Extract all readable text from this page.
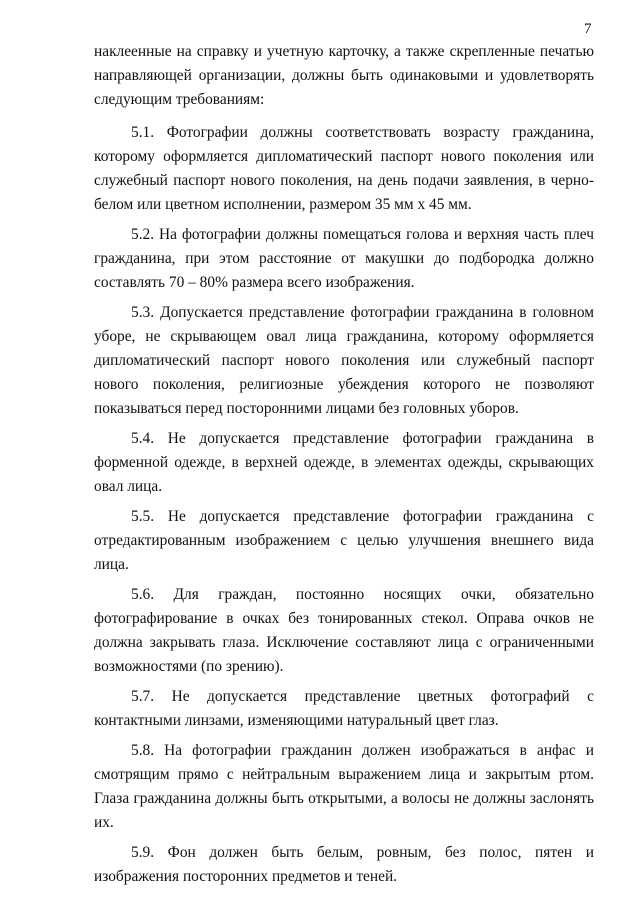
7

наклеенные на справку и учетную карточку, а также скрепленные печатью направляющей организации, должны быть одинаковыми и удовлетворять следующим требованиям:

5.1. Фотографии должны соответствовать возрасту гражданина, которому оформляется дипломатический паспорт нового поколения или служебный паспорт нового поколения, на день подачи заявления, в черно-белом или цветном исполнении, размером 35 мм х 45 мм.

5.2. На фотографии должны помещаться голова и верхняя часть плеч гражданина, при этом расстояние от макушки до подбородка должно составлять 70 – 80% размера всего изображения.

5.3. Допускается представление фотографии гражданина в головном уборе, не скрывающем овал лица гражданина, которому оформляется дипломатический паспорт нового поколения или служебный паспорт нового поколения, религиозные убеждения которого не позволяют показываться перед посторонними лицами без головных уборов.

5.4. Не допускается представление фотографии гражданина в форменной одежде, в верхней одежде, в элементах одежды, скрывающих овал лица.

5.5. Не допускается представление фотографии гражданина с отредактированным изображением с целью улучшения внешнего вида лица.

5.6. Для граждан, постоянно носящих очки, обязательно фотографирование в очках без тонированных стекол. Оправа очков не должна закрывать глаза. Исключение составляют лица с ограниченными возможностями (по зрению).

5.7. Не допускается представление цветных фотографий с контактными линзами, изменяющими натуральный цвет глаз.

5.8. На фотографии гражданин должен изображаться в анфас и смотрящим прямо с нейтральным выражением лица и закрытым ртом. Глаза гражданина должны быть открытыми, а волосы не должны заслонять их.

5.9. Фон должен быть белым, ровным, без полос, пятен и изображения посторонних предметов и теней.
